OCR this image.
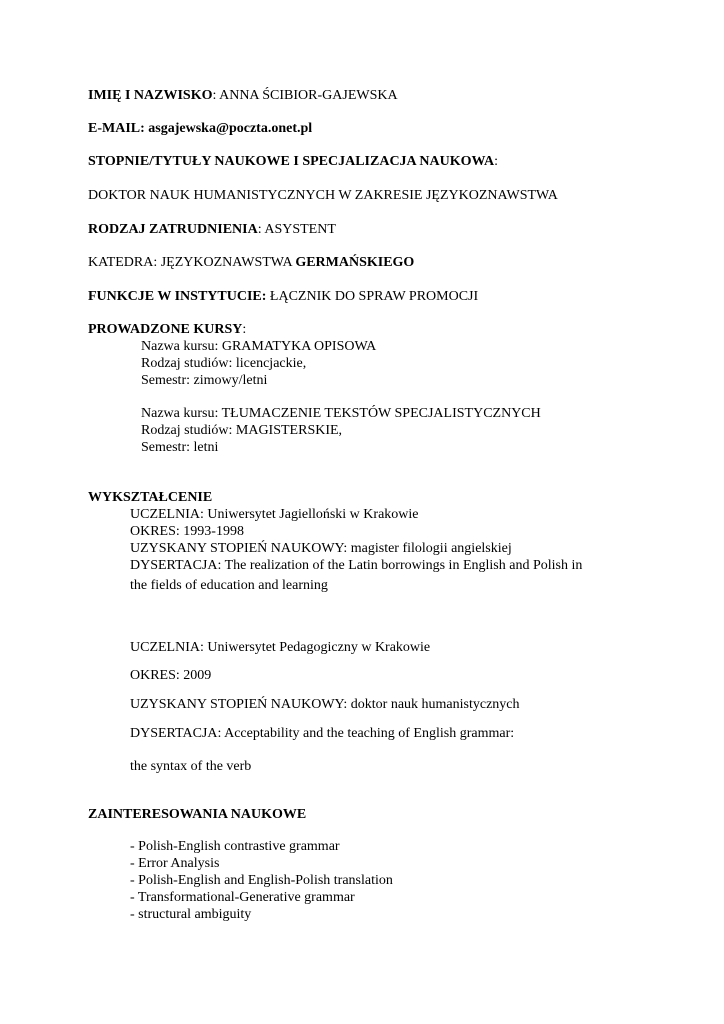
IMIĘ I NAZWISKO: ANNA ŚCIBIOR-GAJEWSKA
E-MAIL: asgajewska@poczta.onet.pl
STOPNIE/TYTUŁY NAUKOWE I SPECJALIZACJA NAUKOWA:
DOKTOR NAUK HUMANISTYCZNYCH W ZAKRESIE JĘZYKOZNAWSTWA
RODZAJ ZATRUDNIENIA: ASYSTENT
KATEDRA: JĘZYKOZNAWSTWA GERMAŃSKIEGO
FUNKCJE W INSTYTUCIE: ŁĄCZNIK DO SPRAW PROMOCJI
PROWADZONE KURSY:
Nazwa kursu: GRAMATYKA OPISOWA
Rodzaj studiów: licencjackie,
Semestr: zimowy/letni
Nazwa kursu: TŁUMACZENIE TEKSTÓW SPECJALISTYCZNYCH
Rodzaj studiów: MAGISTERSKIE,
Semestr: letni
WYKSZTAŁCENIE
UCZELNIA: Uniwersytet Jagielloński w Krakowie
OKRES: 1993-1998
UZYSKANY STOPIEŃ NAUKOWY: magister filologii angielskiej
DYSERTACJA: The realization of the Latin borrowings in English and Polish in
the fields of education and learning
UCZELNIA: Uniwersytet Pedagogiczny w Krakowie
OKRES: 2009
UZYSKANY STOPIEŃ NAUKOWY: doktor nauk humanistycznych
DYSERTACJA: Acceptability and the teaching of English grammar:
the syntax of the verb
ZAINTERESOWANIA NAUKOWE
- Polish-English contrastive grammar
- Error Analysis
- Polish-English and English-Polish translation
- Transformational-Generative grammar
- structural ambiguity
